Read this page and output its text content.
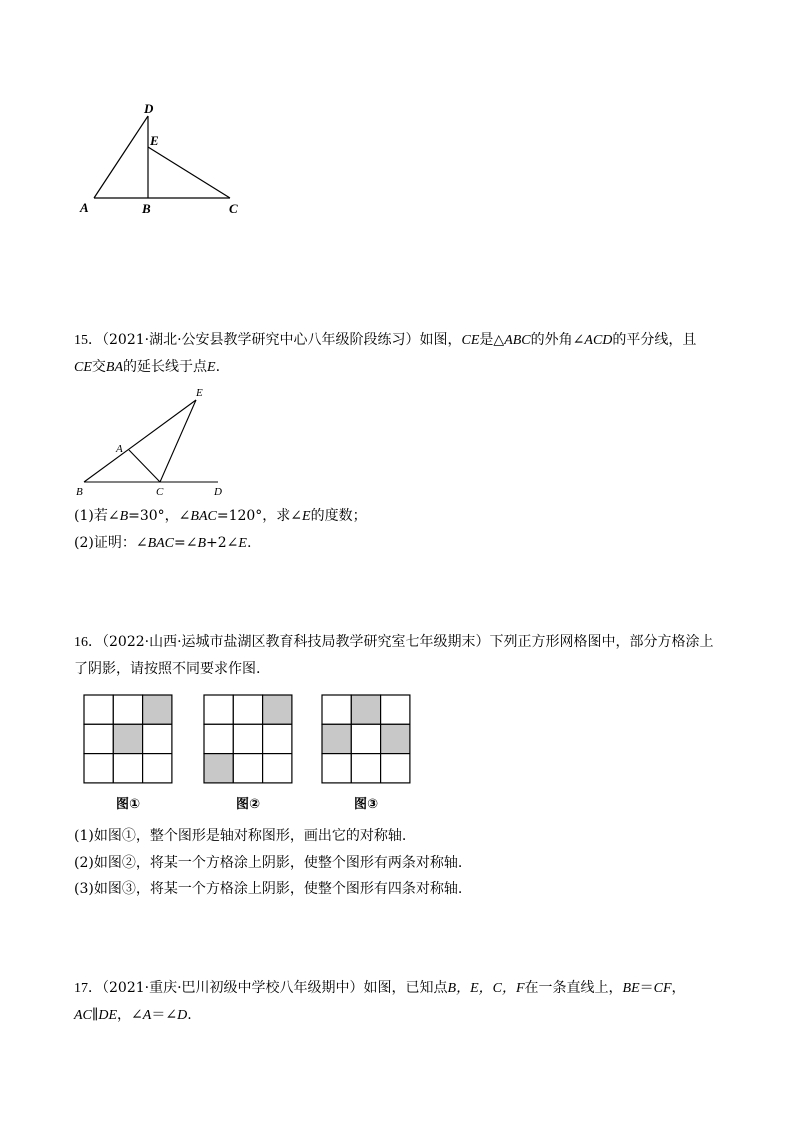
D
E
A	B	C
15．（2021·湖北·公安县教学研究中心八年级阶段练习）如图，CE是△ABC的外角∠ACD的平分线，且
CE交BA的延长线于点E.
E
A
B	C	D
(1)若∠B=30°，∠BAC=120°，求∠E的度数；
(2)证明：∠BAC=∠B+2∠E.
16．（2022·山西·运城市盐湖区教育科技局教学研究室七年级期末）下列正方形网格图中，部分方格涂上
了阴影，请按照不同要求作图.
图①	图②	图③
(1)如图①，整个图形是轴对称图形，画出它的对称轴.
(2)如图②，将某一个方格涂上阴影，使整个图形有两条对称轴.
(3)如图③，将某一个方格涂上阴影，使整个图形有四条对称轴.
17．（2021·重庆·巴川初级中学校八年级期中）如图，已知点B，E，C，F在一条直线上，BE＝CF，
AC∥DE，∠A＝∠D.
